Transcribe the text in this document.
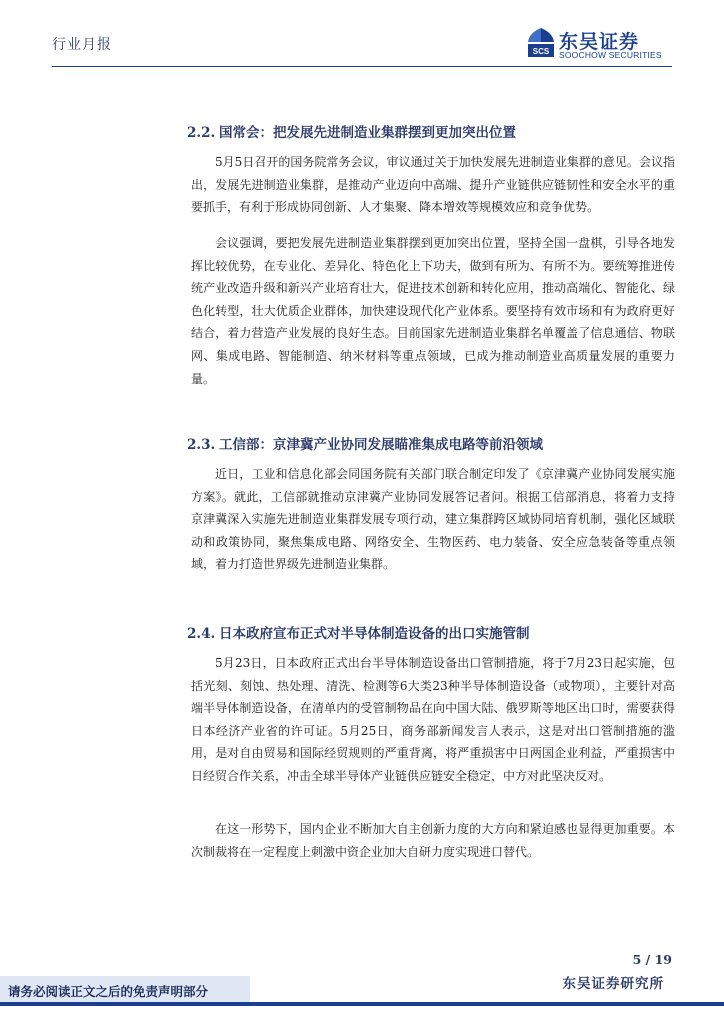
行业月报	SCS 东吴证券
SOOCHOW SECURITIES
2.2. 国常会：把发展先进制造业集群摆到更加突出位置

5月5日召开的国务院常务会议，审议通过关于加快发展先进制造业集群的意见。会议指出，发展先进制造业集群，是推动产业迈向中高端、提升产业链供应链韧性和安全水平的重要抓手，有利于形成协同创新、人才集聚、降本增效等规模效应和竞争优势。

会议强调，要把发展先进制造业集群摆到更加突出位置，坚持全国一盘棋，引导各地发挥比较优势，在专业化、差异化、特色化上下功夫，做到有所为、有所不为。要统筹推进传统产业改造升级和新兴产业培育壮大，促进技术创新和转化应用，推动高端化、智能化、绿色化转型，壮大优质企业群体，加快建设现代化产业体系。要坚持有效市场和有为政府更好结合，着力营造产业发展的良好生态。目前国家先进制造业集群名单覆盖了信息通信、物联网、集成电路、智能制造、纳米材料等重点领域，已成为推动制造业高质量发展的重要力量。

2.3. 工信部：京津冀产业协同发展瞄准集成电路等前沿领域

近日，工业和信息化部会同国务院有关部门联合制定印发了《京津冀产业协同发展实施方案》。就此，工信部就推动京津冀产业协同发展答记者问。根据工信部消息，将着力支持京津冀深入实施先进制造业集群发展专项行动，建立集群跨区域协同培育机制，强化区域联动和政策协同，聚焦集成电路、网络安全、生物医药、电力装备、安全应急装备等重点领域，着力打造世界级先进制造业集群。

2.4. 日本政府宣布正式对半导体制造设备的出口实施管制

5月23日，日本政府正式出台半导体制造设备出口管制措施，将于7月23日起实施，包括光刻、刻蚀、热处理、清洗、检测等6大类23种半导体制造设备（或物项），主要针对高端半导体制造设备，在清单内的受管制物品在向中国大陆、俄罗斯等地区出口时，需要获得日本经济产业省的许可证。5月25日，商务部新闻发言人表示，这是对出口管制措施的滥用，是对自由贸易和国际经贸规则的严重背离，将严重损害中日两国企业利益，严重损害中日经贸合作关系，冲击全球半导体产业链供应链安全稳定，中方对此坚决反对。

在这一形势下，国内企业不断加大自主创新力度的大方向和紧迫感也显得更加重要。本次制裁将在一定程度上刺激中资企业加大自研力度实现进口替代。

5 / 19
东吴证券研究所
请务必阅读正文之后的免责声明部分
